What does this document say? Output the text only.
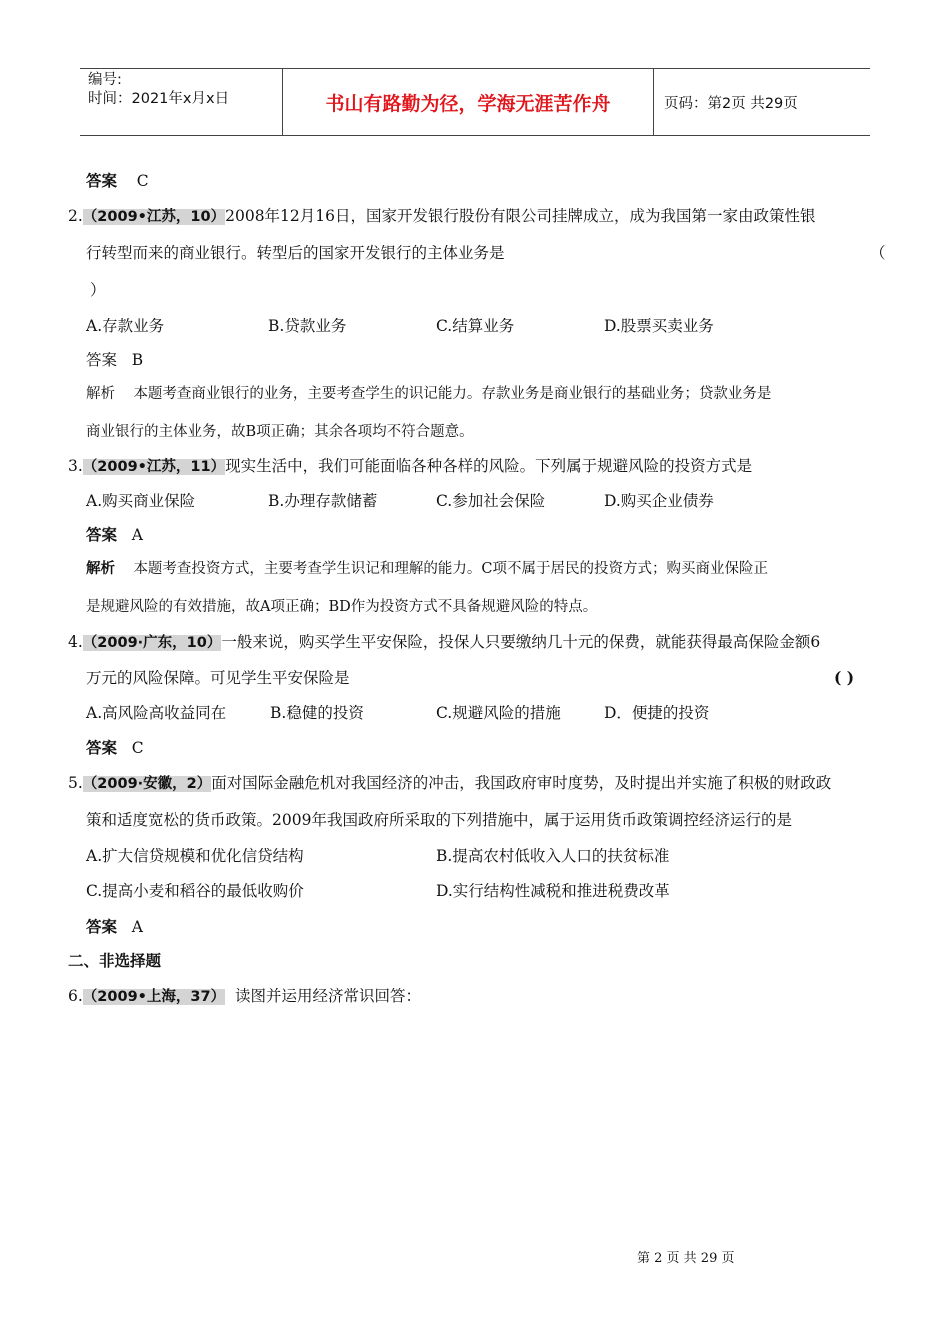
编号:
时间：2021年x月x日	书山有路勤为径，学海无涯苦作舟	页码：第2页 共29页
答案 C
2.（2009•江苏，10）2008年12月16日，国家开发银行股份有限公司挂牌成立，成为我国第一家由政策性银
行转型而来的商业银行。转型后的国家开发银行的主体业务是	（
）
A.存款业务	B.贷款业务	C.结算业务	D.股票买卖业务
答案 B
解析 本题考查商业银行的业务，主要考查学生的识记能力。存款业务是商业银行的基础业务；贷款业务是
商业银行的主体业务，故B项正确；其余各项均不符合题意。
3.（2009•江苏，11）现实生活中，我们可能面临各种各样的风险。下列属于规避风险的投资方式是
A.购买商业保险	B.办理存款储蓄	C.参加社会保险	D.购买企业债券
答案 A
解析 本题考查投资方式，主要考查学生识记和理解的能力。C项不属于居民的投资方式；购买商业保险正
是规避风险的有效措施，故A项正确；BD作为投资方式不具备规避风险的特点。
4.（2009·广东，10）一般来说，购买学生平安保险，投保人只要缴纳几十元的保费，就能获得最高保险金额6
万元的风险保障。可见学生平安保险是	( )
A.高风险高收益同在	B.稳健的投资	C.规避风险的措施	D．便捷的投资
答案 C
5.（2009·安徽，2）面对国际金融危机对我国经济的冲击，我国政府审时度势，及时提出并实施了积极的财政政
策和适度宽松的货币政策。2009年我国政府所采取的下列措施中，属于运用货币政策调控经济运行的是
A.扩大信贷规模和优化信贷结构	B.提高农村低收入人口的扶贫标准
C.提高小麦和稻谷的最低收购价	D.实行结构性减税和推进税费改革
答案 A
二、非选择题
6.（2009•上海，37） 读图并运用经济常识回答：
第 2 页 共 29 页
